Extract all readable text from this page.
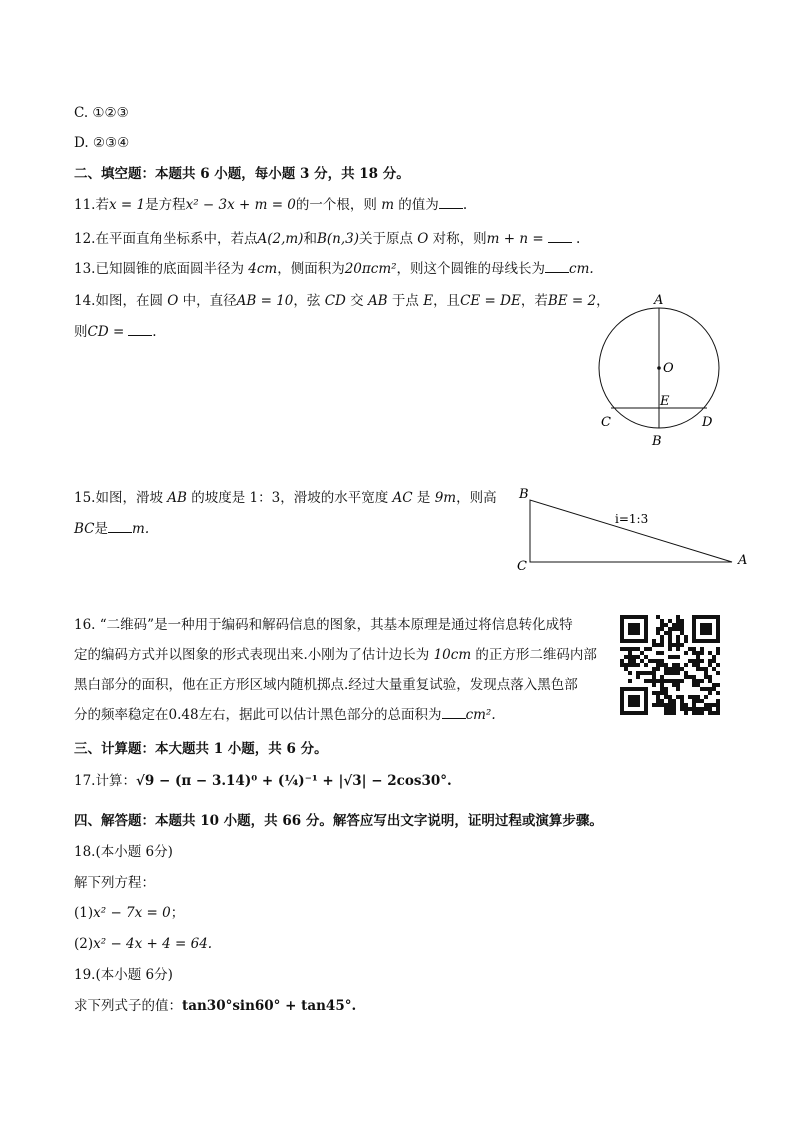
C. ①②③
D. ②③④
二、填空题：本题共 6 小题，每小题 3 分，共 18 分。
11.若x = 1是方程x² − 3x + m = 0的一个根，则 m 的值为 .
12.在平面直角坐标系中，若点A(2,m)和B(n,3)关于原点 O 对称，则m + n = .
13.已知圆锥的底面圆半径为 4cm，侧面积为20πcm²，则这个圆锥的母线长为 cm.
14.如图，在圆 O 中，直径AB = 10，弦 CD 交 AB 于点 E，且CE = DE，若BE = 2，
则CD = .
A
O
E
C	D
B
15.如图，滑坡 AB 的坡度是 1：3，滑坡的水平宽度 AC 是 9m，则高
BC是 m.
B
C	A
i=1:3
16. “二维码”是一种用于编码和解码信息的图象，其基本原理是通过将信息转化成特
定的编码方式并以图象的形式表现出来.小刚为了估计边长为 10cm 的正方形二维码内部
黑白部分的面积，他在正方形区域内随机掷点.经过大量重复试验，发现点落入黑色部
分的频率稳定在0.48左右，据此可以估计黑色部分的总面积为 cm².
三、计算题：本大题共 1 小题，共 6 分。
17.计算：√9 − (π − 3.14)⁰ + (¼)⁻¹ + |√3| − 2cos30°.
四、解答题：本题共 10 小题，共 66 分。解答应写出文字说明，证明过程或演算步骤。
18.(本小题 6分)
解下列方程：
(1)x² − 7x = 0；
(2)x² − 4x + 4 = 64.
19.(本小题 6分)
求下列式子的值：tan30°sin60° + tan45°.
